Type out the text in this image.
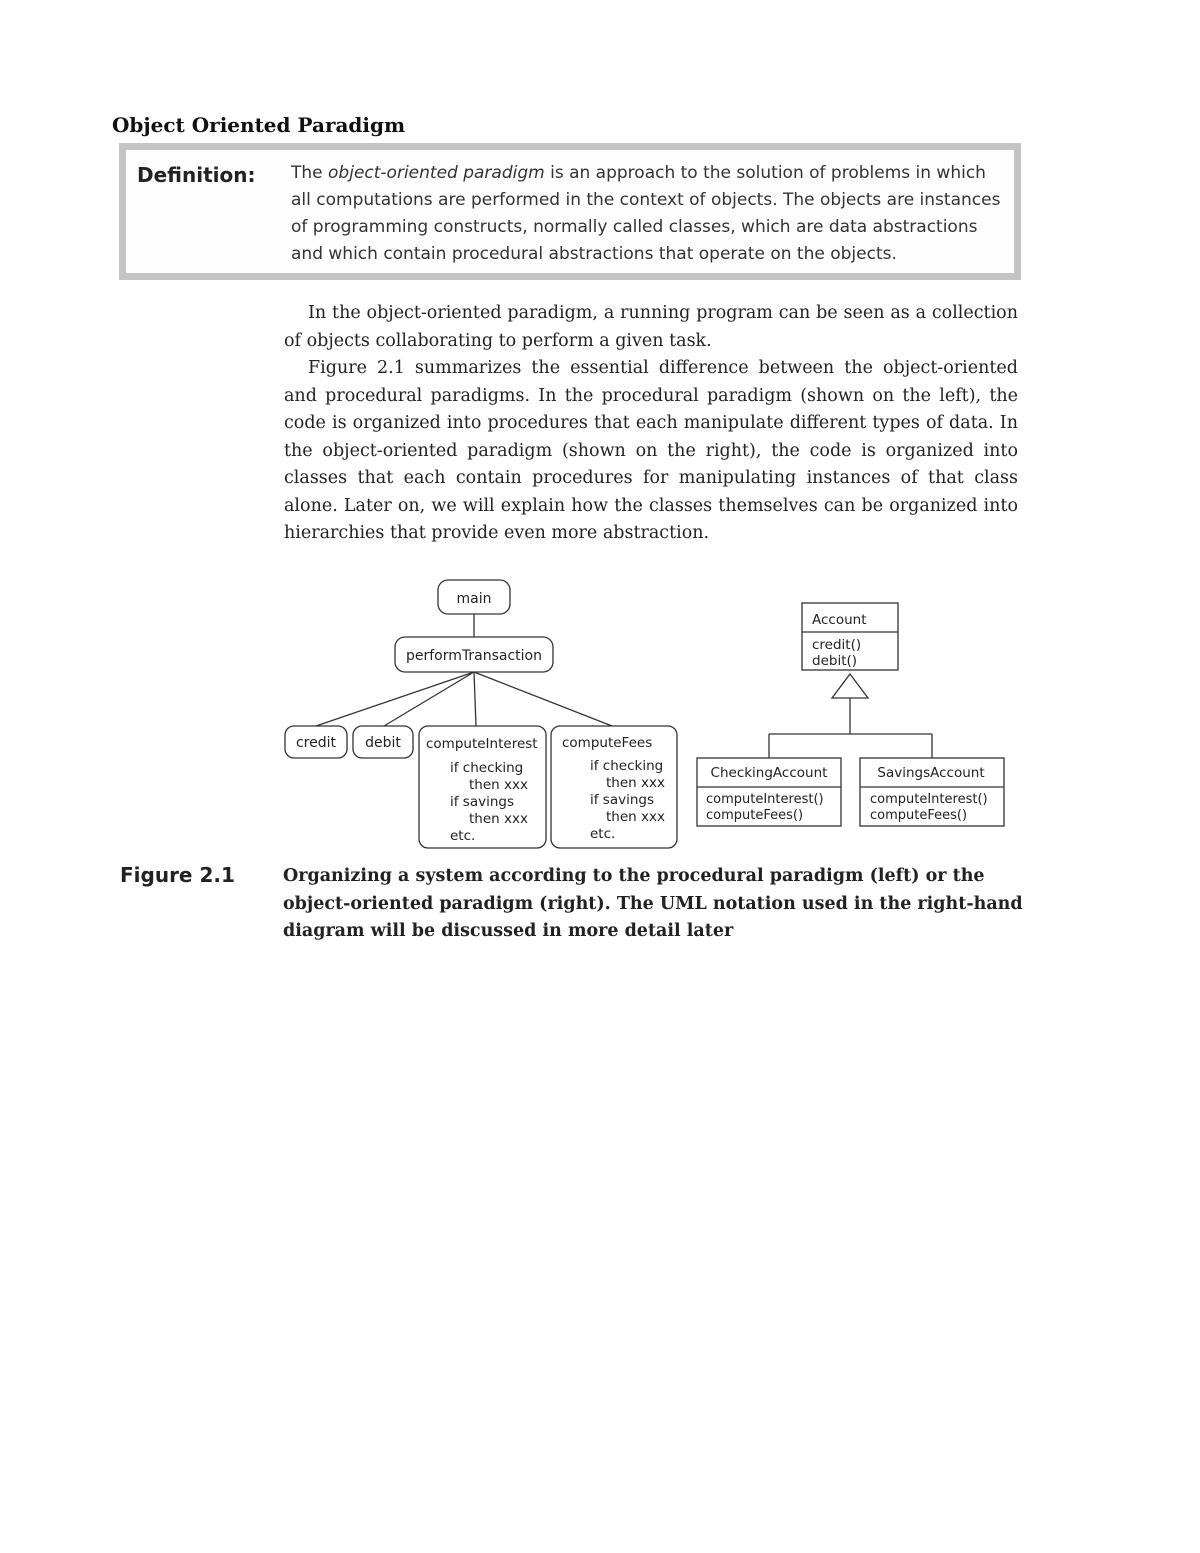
Object Oriented Paradigm
Definition: The object-oriented paradigm is an approach to the solution of problems in which all computations are performed in the context of objects. The objects are instances of programming constructs, normally called classes, which are data abstractions and which contain procedural abstractions that operate on the objects.

In the object-oriented paradigm, a running program can be seen as a collection of objects collaborating to perform a given task.

Figure 2.1 summarizes the essential difference between the object-oriented and procedural paradigms. In the procedural paradigm (shown on the left), the code is organized into procedures that each manipulate different types of data. In the object-oriented paradigm (shown on the right), the code is organized into classes that each contain procedures for manipulating instances of that class alone. Later on, we will explain how the classes themselves can be organized into hierarchies that provide even more abstraction.

main
performTransaction
credit debit computeInterest
if checking
then xxx
if savings
then xxx
etc.
computeFees
if checking
then xxx
if savings
then xxx
etc.
Account
credit()
debit()
CheckingAccount
computeInterest()
computeFees()
SavingsAccount
computeInterest()
computeFees()
Figure 2.1	Organizing a system according to the procedural paradigm (left) or the object-oriented paradigm (right). The UML notation used in the right-hand diagram will be discussed in more detail later
